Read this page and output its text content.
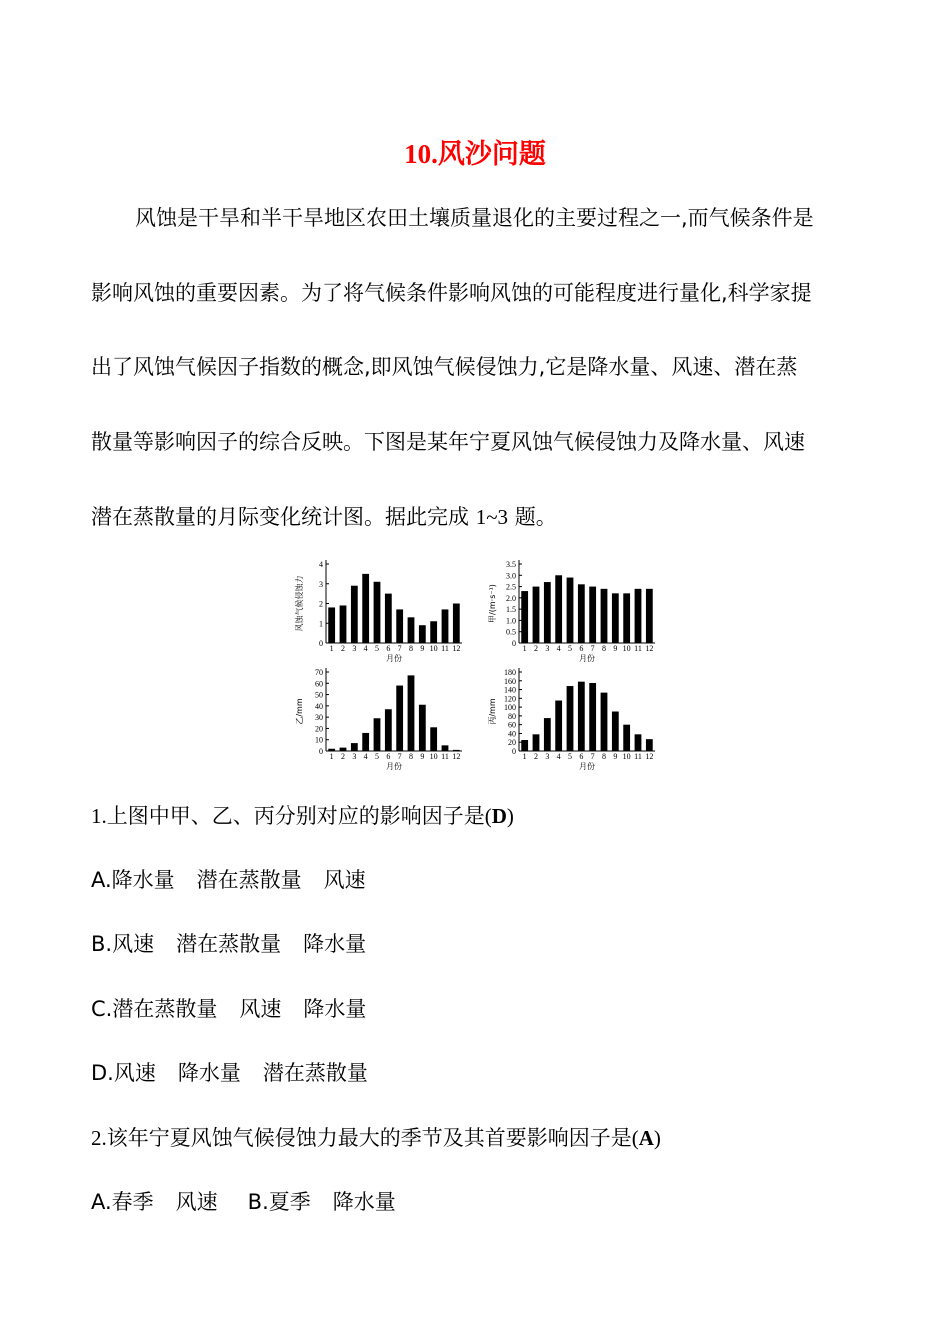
10.风沙问题
风蚀是干旱和半干旱地区农田土壤质量退化的主要过程之一,而气候条件是
影响风蚀的重要因素。为了将气候条件影响风蚀的可能程度进行量化,科学家提
出了风蚀气候因子指数的概念,即风蚀气候侵蚀力,它是降水量、风速、潜在蒸
散量等影响因子的综合反映。下图是某年宁夏风蚀气候侵蚀力及降水量、风速
潜在蒸散量的月际变化统计图。据此完成 1~3 题。
0
1
2
3
4
1 2 3 4 5 6 7 8 9 10 11 12
月份
风蚀气候侵蚀力
0
0.5
1.0
1.5
2.0
2.5
3.0
3.5
1 2 3 4 5 6 7 8 9 10 11 12
月份
甲/(m·s⁻¹)
0
10
20
30
40
50
60
70
1 2 3 4 5 6 7 8 9 10 11 12
月份
乙/mm
0
20
40
60
80
100
120
140
160
180
1 2 3 4 5 6 7 8 9 10 11 12
月份
丙/mm
1.上图中甲、乙、丙分别对应的影响因子是(D)
A.降水量 潜在蒸散量 风速
B.风速 潜在蒸散量 降水量
C.潜在蒸散量 风速 降水量
D.风速 降水量 潜在蒸散量
2.该年宁夏风蚀气候侵蚀力最大的季节及其首要影响因子是(A)
A.春季 风速 B.夏季 降水量
